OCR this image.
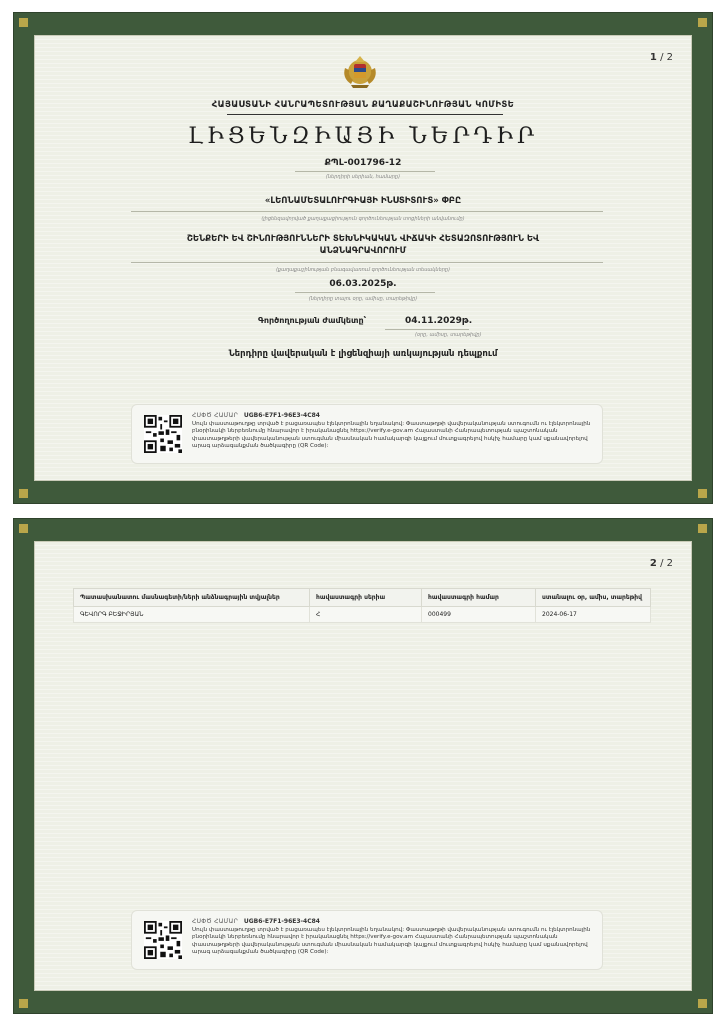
1 / 2
ՀԱՅԱՍՏԱՆԻ ՀԱՆՐԱՊԵՏՈՒԹՅԱՆ ՔԱՂԱՔԱՇԻՆՈՒԹՅԱՆ ԿՈՄԻՏԵ
ԼԻՑԵՆԶԻԱՅԻ ՆԵՐԴԻՐ
ՔՊԼ-001796-12
(ներդիրի սերիան, համարը)
«ԼԵՈՆԱՄԵՏԱԼՈՒՐԳԻԱՅԻ ԻՆՍՏԻՏՈՒՏ» ՓԲԸ
(լիցենզավորված քաղաքացիություն գործունեության տոցիների անվանումը)
ՇԵՆՔԵՐԻ ԵՎ ՇԻՆՈՒԹՅՈՒՆՆԵՐԻ ՏԵԽՆԻԿԱԿԱՆ ՎԻՃԱԿԻ ՀԵՏԱԶՈՏՈՒԹՅՈՒՆ ԵՎ ԱՆՁՆԱԳՐԱՎՈՐՈՒՄ
(քաղաքաշինության բնագավառում գործունեության տեսակները)
06.03.2025թ.
(ներդիրը տալու օրը, ամիսը, տարեթիվը)
Գործողության ժամկետը՝	04.11.2029թ.
(օրը, ամիսը, տարեթիվը)
Ներդիրը վավերական է լիցենզիայի առկայության դեպքում
ՀՍՓԾ ՀԱՄԱՐ UGB6-E7F1-96E3-4C84
Սույն փաստաթուղթը տրված է բացառապես էլեկտրոնային եղանակով: Փաստաթղթի վավերականության ստուգումն ու էլեկտրոնային բնօրինակի ներբեռնումը հնարավոր է իրականացնել https://verify.e-gov.am Հայաստանի Հանրապետության պաշտոնական փաստաթղթերի վավերականության ստուգման միասնական համակարգի կայքում մուտքագրելով հսկիչ համարը կամ սքանավորելով արագ արձագանքման ծածկագիրը (QR Code):
2 / 2
Պատասխանատու մասնագետի/ների անձնագրային տվյալներ	հավաստագրի սերիա	հավաստագրի համար	ստանալու օր, ամիս, տարեթիվ
ԳԵՎՈՐԳ ԲԵՋԻՐՅԱՆ	Հ	000499	2024-06-17
ՀՍՓԾ ՀԱՄԱՐ UGB6-E7F1-96E3-4C84
Սույն փաստաթուղթը տրված է բացառապես էլեկտրոնային եղանակով: Փաստաթղթի վավերականության ստուգումն ու էլեկտրոնային բնօրինակի ներբեռնումը հնարավոր է իրականացնել https://verify.e-gov.am Հայաստանի Հանրապետության պաշտոնական փաստաթղթերի վավերականության ստուգման միասնական համակարգի կայքում մուտքագրելով հսկիչ համարը կամ սքանավորելով արագ արձագանքման ծածկագիրը (QR Code):
